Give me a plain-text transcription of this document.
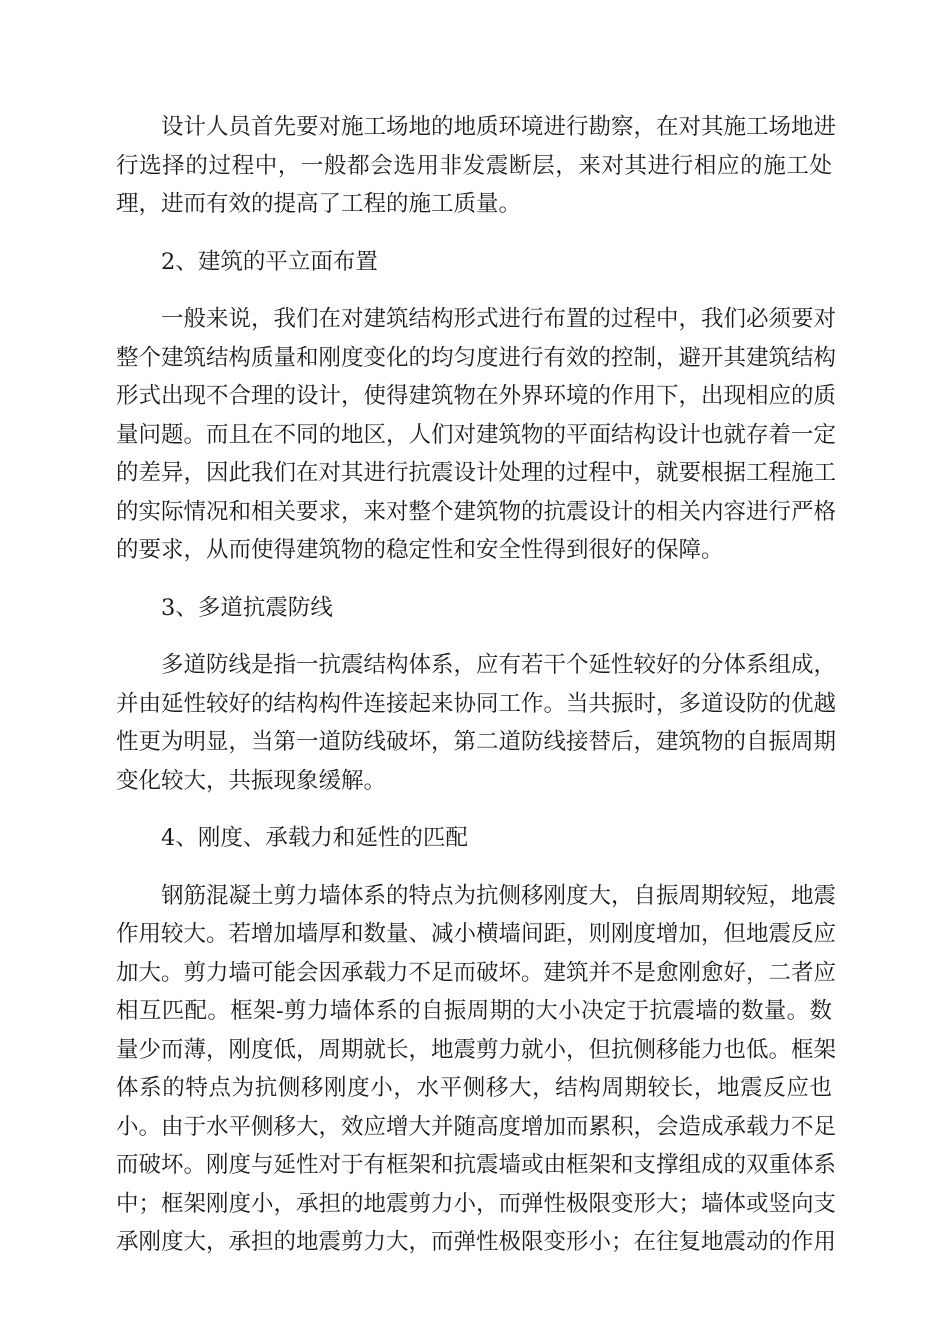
设计人员首先要对施工场地的地质环境进行勘察，在对其施工场地进
行选择的过程中，一般都会选用非发震断层，来对其进行相应的施工处
理，进而有效的提高了工程的施工质量。
2、建筑的平立面布置
一般来说，我们在对建筑结构形式进行布置的过程中，我们必须要对
整个建筑结构质量和刚度变化的均匀度进行有效的控制，避开其建筑结构
形式出现不合理的设计，使得建筑物在外界环境的作用下，出现相应的质
量问题。而且在不同的地区，人们对建筑物的平面结构设计也就存着一定
的差异，因此我们在对其进行抗震设计处理的过程中，就要根据工程施工
的实际情况和相关要求，来对整个建筑物的抗震设计的相关内容进行严格
的要求，从而使得建筑物的稳定性和安全性得到很好的保障。
3、多道抗震防线
多道防线是指一抗震结构体系，应有若干个延性较好的分体系组成，
并由延性较好的结构构件连接起来协同工作。当共振时，多道设防的优越
性更为明显，当第一道防线破坏，第二道防线接替后，建筑物的自振周期
变化较大，共振现象缓解。
4、刚度、承载力和延性的匹配
钢筋混凝土剪力墙体系的特点为抗侧移刚度大，自振周期较短，地震
作用较大。若增加墙厚和数量、减小横墙间距，则刚度增加，但地震反应
加大。剪力墙可能会因承载力不足而破坏。建筑并不是愈刚愈好，二者应
相互匹配。框架-剪力墙体系的自振周期的大小决定于抗震墙的数量。数
量少而薄，刚度低，周期就长，地震剪力就小，但抗侧移能力也低。框架
体系的特点为抗侧移刚度小，水平侧移大，结构周期较长，地震反应也
小。由于水平侧移大，效应增大并随高度增加而累积，会造成承载力不足
而破坏。刚度与延性对于有框架和抗震墙或由框架和支撑组成的双重体系
中；框架刚度小，承担的地震剪力小，而弹性极限变形大；墙体或竖向支
承刚度大，承担的地震剪力大，而弹性极限变形小；在往复地震动的作用
